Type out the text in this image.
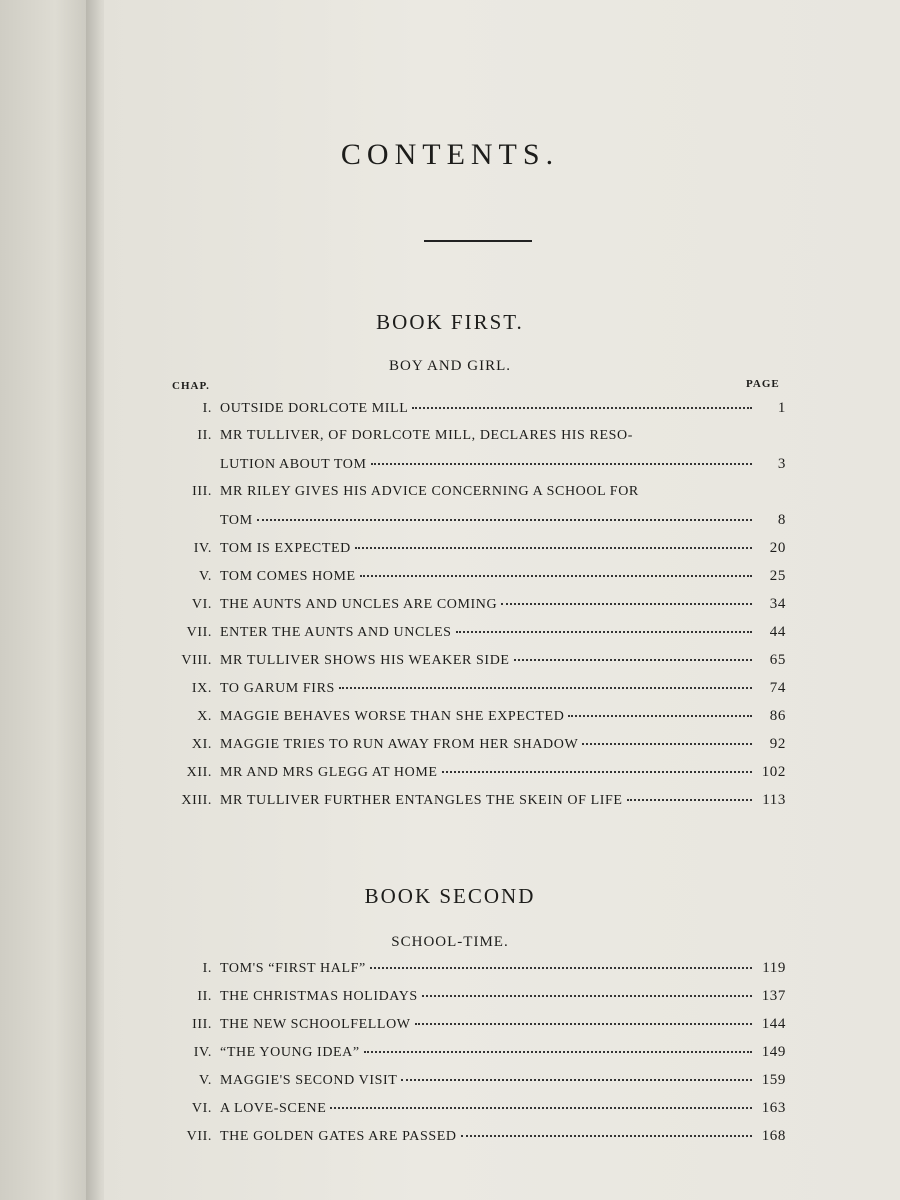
CONTENTS.
BOOK FIRST.
BOY AND GIRL.
CHAP.	PAGE
I. OUTSIDE DORLCOTE MILL	1
II. MR TULLIVER, OF DORLCOTE MILL, DECLARES HIS RESO-
LUTION ABOUT TOM	3
III. MR RILEY GIVES HIS ADVICE CONCERNING A SCHOOL FOR
TOM	8
IV. TOM IS EXPECTED	20
V. TOM COMES HOME	25
VI. THE AUNTS AND UNCLES ARE COMING	34
VII. ENTER THE AUNTS AND UNCLES	44
VIII. MR TULLIVER SHOWS HIS WEAKER SIDE	65
IX. TO GARUM FIRS	74
X. MAGGIE BEHAVES WORSE THAN SHE EXPECTED	86
XI. MAGGIE TRIES TO RUN AWAY FROM HER SHADOW	92
XII. MR AND MRS GLEGG AT HOME	102
XIII. MR TULLIVER FURTHER ENTANGLES THE SKEIN OF LIFE	113
BOOK SECOND
SCHOOL-TIME.
I. TOM'S “FIRST HALF”	119
II. THE CHRISTMAS HOLIDAYS	137
III. THE NEW SCHOOLFELLOW	144
IV. “THE YOUNG IDEA”	149
V. MAGGIE'S SECOND VISIT	159
VI. A LOVE-SCENE	163
VII. THE GOLDEN GATES ARE PASSED	168
